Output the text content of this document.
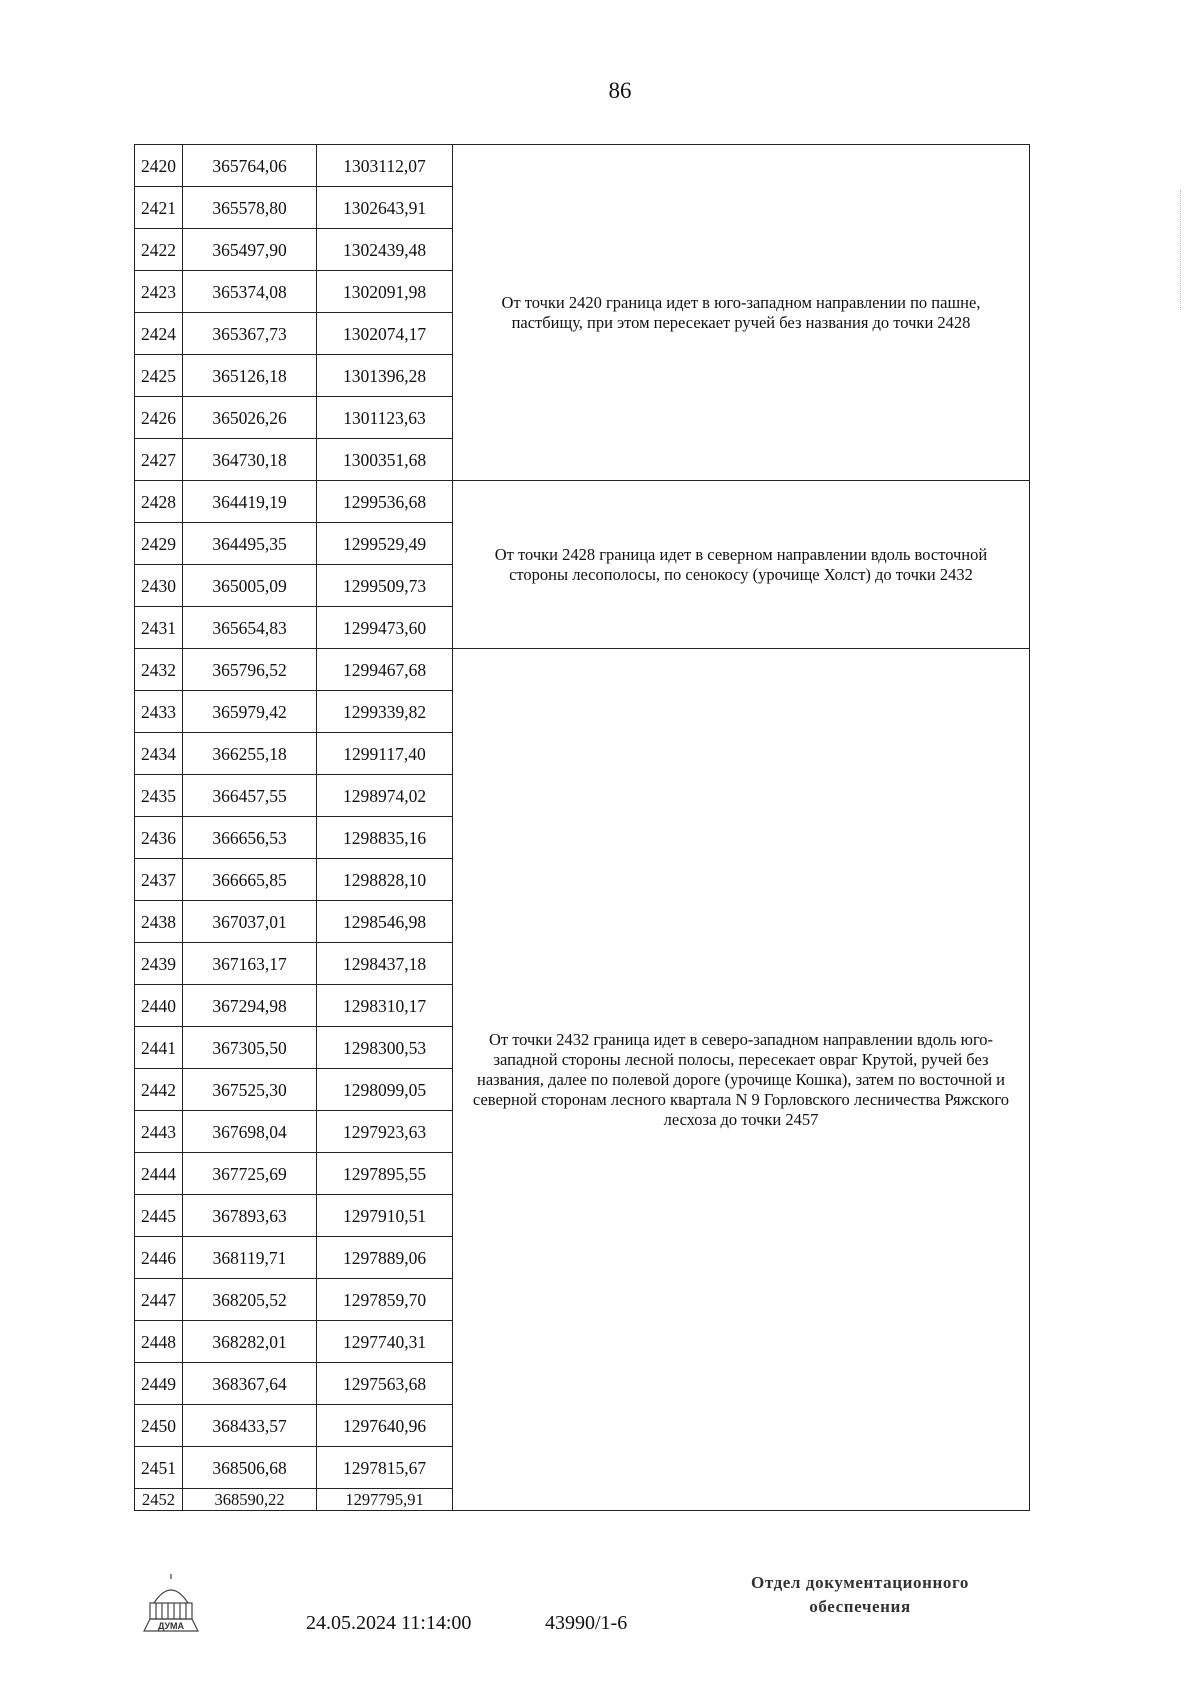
86
2420	365764,06	1303112,07	От точки 2420 граница идет в юго-западном направлении по пашне, пастбищу, при этом пересекает ручей без названия до точки 2428
2421	365578,80	1302643,91	
2422	365497,90	1302439,48	
2423	365374,08	1302091,98	
2424	365367,73	1302074,17	
2425	365126,18	1301396,28	
2426	365026,26	1301123,63	
2427	364730,18	1300351,68	
2428	364419,19	1299536,68	От точки 2428 граница идет в северном направлении вдоль восточной стороны лесополосы, по сенокосу (урочище Холст) до точки 2432
2429	364495,35	1299529,49	
2430	365005,09	1299509,73	
2431	365654,83	1299473,60	
2432	365796,52	1299467,68	От точки 2432 граница идет в северо-западном направлении вдоль юго-западной стороны лесной полосы, пересекает овраг Крутой, ручей без названия, далее по полевой дороге (урочище Кошка), затем по восточной и северной сторонам лесного квартала N 9 Горловского лесничества Ряжского лесхоза до точки 2457
2433	365979,42	1299339,82	
2434	366255,18	1299117,40	
2435	366457,55	1298974,02	
2436	366656,53	1298835,16	
2437	366665,85	1298828,10	
2438	367037,01	1298546,98	
2439	367163,17	1298437,18	
2440	367294,98	1298310,17	
2441	367305,50	1298300,53	
2442	367525,30	1298099,05	
2443	367698,04	1297923,63	
2444	367725,69	1297895,55	
2445	367893,63	1297910,51	
2446	368119,71	1297889,06	
2447	368205,52	1297859,70	
2448	368282,01	1297740,31	
2449	368367,64	1297563,68	
2450	368433,57	1297640,96	
2451	368506,68	1297815,67	
2452	368590,22	1297795,91	
ДУМА	24.05.2024 11:14:00	43990/1-6
Отдел документационного
обеспечения
